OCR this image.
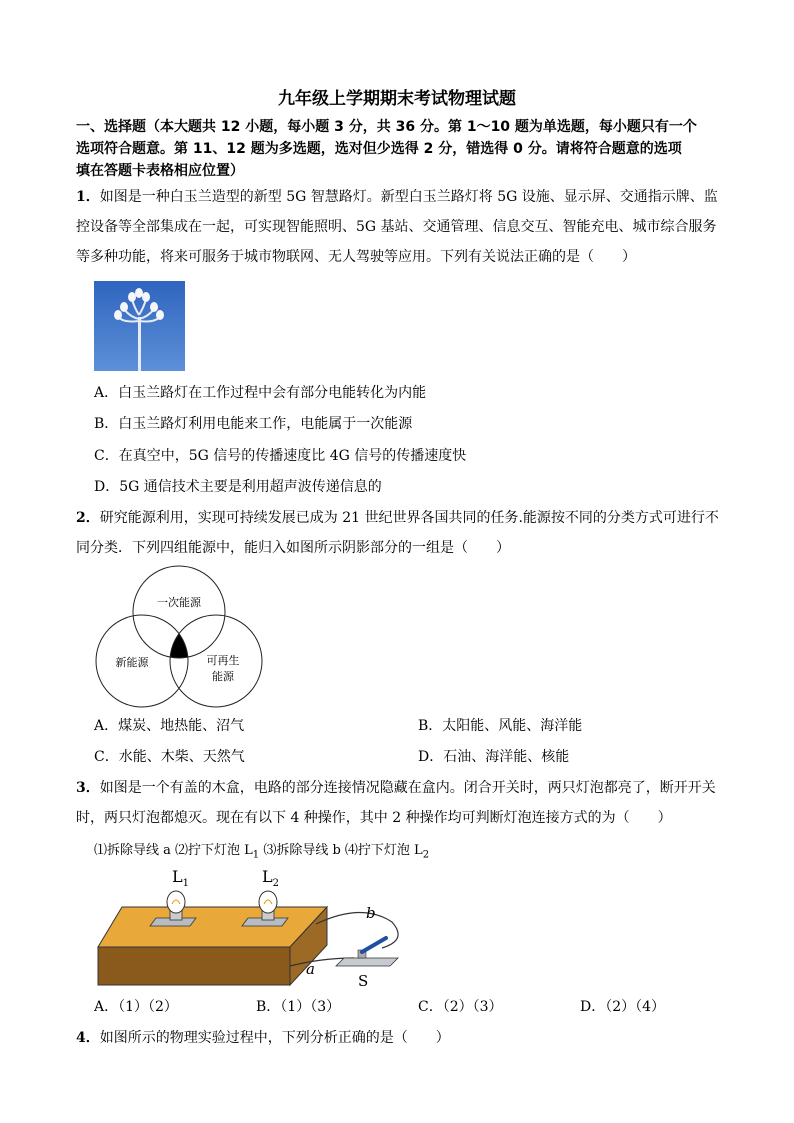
九年级上学期期末考试物理试题
一、选择题（本大题共 12 小题，每小题 3 分，共 36 分。第 1～10 题为单选题，每小题只有一个
选项符合题意。第 11、12 题为多选题，选对但少选得 2 分，错选得 0 分。请将符合题意的选项
填在答题卡表格相应位置）
1．如图是一种白玉兰造型的新型 5G 智慧路灯。新型白玉兰路灯将 5G 设施、显示屏、交通指示牌、监
控设备等全部集成在一起，可实现智能照明、5G 基站、交通管理、信息交互、智能充电、城市综合服务
等多种功能，将来可服务于城市物联网、无人驾驶等应用。下列有关说法正确的是（　　）
A．白玉兰路灯在工作过程中会有部分电能转化为内能
B．白玉兰路灯利用电能来工作，电能属于一次能源
C．在真空中，5G 信号的传播速度比 4G 信号的传播速度快
D．5G 通信技术主要是利用超声波传递信息的
2．研究能源利用，实现可持续发展已成为 21 世纪世界各国共同的任务.能源按不同的分类方式可进行不
同分类．下列四组能源中，能归入如图所示阴影部分的一组是（　　）
一次能源
新能源	可再生
能源
A．煤炭、地热能、沼气	B．太阳能、风能、海洋能
C．水能、木柴、天然气	D．石油、海洋能、核能
3．如图是一个有盖的木盒，电路的部分连接情况隐藏在盒内。闭合开关时，两只灯泡都亮了，断开开关
时，两只灯泡都熄灭。现在有以下 4 种操作，其中 2 种操作均可判断灯泡连接方式的为（　　）
⑴拆除导线 a ⑵拧下灯泡 $L_1$ ⑶拆除导线 b ⑷拧下灯泡 $L_2$
$L_1$	$L_2$
b
a
S
A．（1）（2）	B．（1）（3）	C．（2）（3）	D．（2）（4）
4．如图所示的物理实验过程中，下列分析正确的是（　　）
